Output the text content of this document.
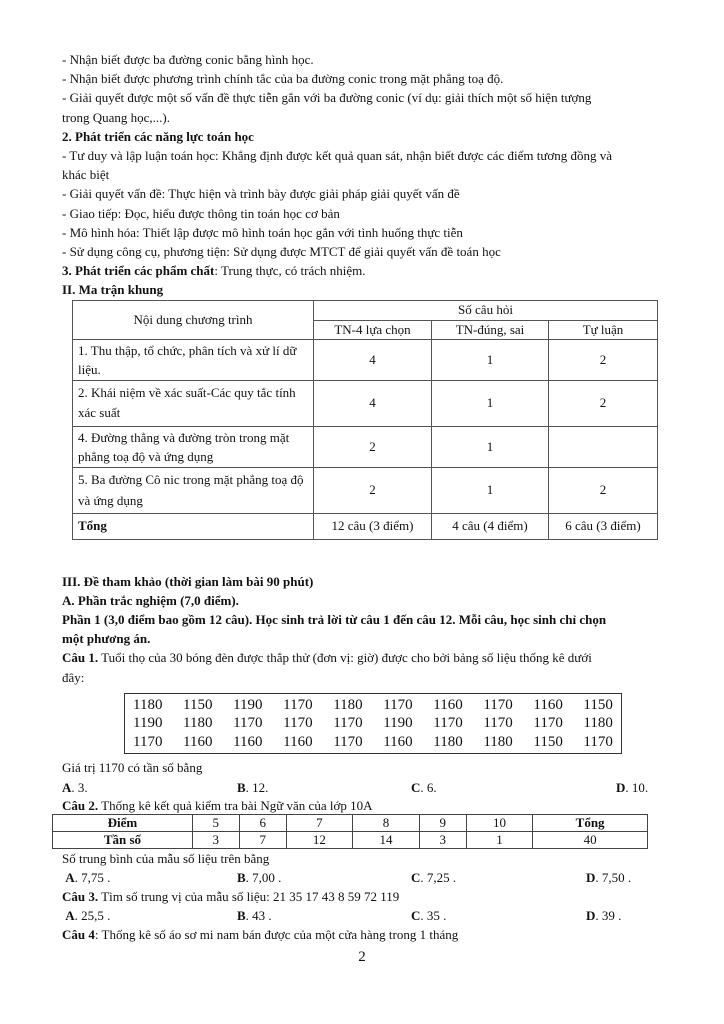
- Nhận biết được ba đường conic bằng hình học.
- Nhận biết được phương trình chính tắc của ba đường conic trong mặt phẳng toạ độ.
- Giải quyết được một số vấn đề thực tiễn gắn với ba đường conic (ví dụ: giải thích một số hiện tượng
trong Quang học,...).
2. Phát triển các năng lực toán học
- Tư duy và lập luận toán học: Khẳng định được kết quả quan sát, nhận biết được các điểm tương đồng và
khác biệt
- Giải quyết vấn đề: Thực hiện và trình bày được giải pháp giải quyết vấn đề
- Giao tiếp: Đọc, hiểu được thông tin toán học cơ bản
- Mô hình hóa: Thiết lập được mô hình toán học gắn với tình huống thực tiễn
- Sử dụng công cụ, phương tiện: Sử dụng được MTCT để giải quyết vấn đề toán học
3. Phát triển các phẩm chất: Trung thực, có trách nhiệm.
II. Ma trận khung
Nội dung chương trình	Số câu hỏi		
	TN-4 lựa chọn	TN-đúng, sai	Tự luận
1. Thu thập, tổ chức, phân tích và xử lí dữ liệu.	4	1	2
2. Khái niệm về xác suất-Các quy tắc tính xác suất	4	1	2
4. Đường thẳng và đường tròn trong mặt phẳng toạ độ và ứng dụng	2	1	
5. Ba đường Cô nic trong mặt phẳng toạ độ và ứng dụng	2	1	2
Tổng	12 câu (3 điểm)	4 câu (4 điểm)	6 câu (3 điểm)
III. Đề tham khảo (thời gian làm bài 90 phút)
A. Phần trắc nghiệm (7,0 điểm).
Phần 1 (3,0 điểm bao gồm 12 câu). Học sinh trả lời từ câu 1 đến câu 12. Mỗi câu, học sinh chỉ chọn
một phương án.
Câu 1. Tuổi thọ của 30 bóng đèn được thắp thử (đơn vị: giờ) được cho bởi bảng số liệu thống kê dưới
đây:
1180 1150 1190 1170 1180 1170 1160 1170 1160 1150
1190 1180 1170 1170 1170 1190 1170 1170 1170 1180
1170 1160 1160 1160 1170 1160 1180 1180 1150 1170
Giá trị 1170 có tần số bằng
A. 3.	B. 12.	C. 6.	D. 10.
Câu 2. Thống kê kết quả kiểm tra bài Ngữ văn của lớp 10A
Điểm	5	6	7	8	9	10	Tổng
Tần số	3	7	12	14	3	1	40
Số trung bình của mẫu số liệu trên bằng
A. 7,75 .	B. 7,00 .	C. 7,25 .	D. 7,50 .
Câu 3. Tìm số trung vị của mẫu số liệu: 21 35 17 43 8 59 72 119
A. 25,5 .	B. 43 .	C. 35 .	D. 39 .
Câu 4: Thống kê số áo sơ mi nam bán được của một cửa hàng trong 1 tháng
2
